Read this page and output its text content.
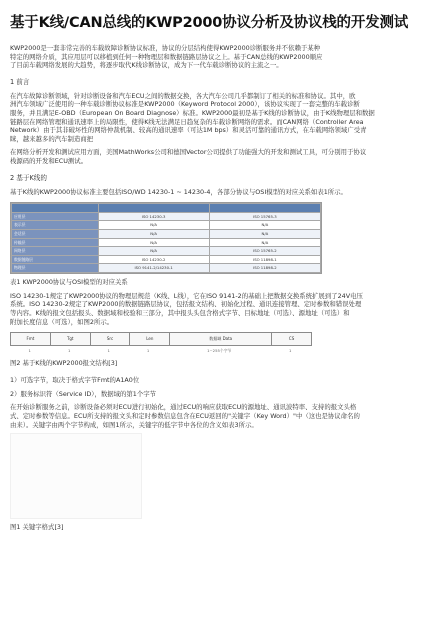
基于K线/CAN总线的KWP2000协议分析及协议栈的开发测试

KWP2000是一套非常完善的车载故障诊断协议标准，协议的分层结构使得KWP2000诊断服务并不依赖于某种

特定的网络介质，其应用层可以移植到任何一种物理层和数据链路层协议之上。基于CAN总线的KWP2000顺应

了目前车载网络发展的大趋势，将逐步取代K线诊断协议，成为下一代车载诊断协议的主流之一。

1 前言

在汽车故障诊断领域，针对诊断设备和汽车ECU之间的数据交换，各大汽车公司几乎都制订了相关的标准和协议。其中，欧

洲汽车领域广泛使用的一种车载诊断协议标准是KWP2000（Keyword Protocol 2000），该协议实现了一套完整的车载诊断

服务，并且满足E-OBD（European On Board Diagnose）标准。KWP2000最初是基于K线的诊断协议，由于K线物理层和数据

链路层在网络管理和通讯速率上的局限性，使得K线无法满足日趋复杂的车载诊断网络的需求。而CAN网络（Controller Area

Network）由于其非破坏性的网络仲裁机制、较高的通讯速率（可达1M bps）和灵活可靠的通讯方式，在车载网络领域广受青

睐，越来越多的汽车制造商把

在网络分析开发和测试应用方面，美国MathWorks公司和德国Vector公司提供了功能强大的开发和测试工具，可分别用于协议

栈源码的开发和ECU测试。

2 基于K线的

基于K线的KWP2000协议标准主要包括ISO/WD 14230-1 ~ 14230-4，各部分协议与OSI模型的对应关系如表1所示。

应用层	ISO 14230-3	ISO 15765-3
表示层	N/A	N/A
会话层	N/A	N/A
传输层	N/A	N/A
网络层	N/A	ISO 15765-2
数据链路层	ISO 14230-2	ISO 11898-1
物理层	ISO 9141-2/14230-1	ISO 11898-2
表1 KWP2000协议与OSI模型的对应关系

ISO 14230-1规定了KWP2000协议的物理层规范（K线、L线），它在ISO 9141-2的基础上把数据交换系统扩展到了24V电压

系统。ISO 14230-2规定了KWP2000的数据链路层协议，包括报文结构、初始化过程、通讯连接管理、定时参数和错误处理

等内容。K线的报文包括报头、数据域和校验和三部分，其中报头头包含格式字节、目标地址（可选）、源地址（可选）和

附加长度信息（可选），如图2所示。

Fmt	Tgt	Src	Len	数据域 Data	CS
1	1	1	1	1~255个字节	1
图2 基于K线的KWP2000报文结构[3]

1）可选字节，取决于格式字节Fmt的A1A0位

2）服务标识符（Service ID），数据域的第1个字节

在开始诊断服务之前，诊断设备必须对ECU进行初始化，通过ECU的响应获取ECU的源地址、通讯波特率、支持的报文头格

式、定时参数等信息。ECU所支持的报文头和定时参数信息包含在ECU返回的"关键字（Key Word）"中（这也是协议命名的

由来）。关键字由两个字节构成，如图1所示，关键字的低字节中各位的含义如表3所示。

图1 关键字格式[3]
